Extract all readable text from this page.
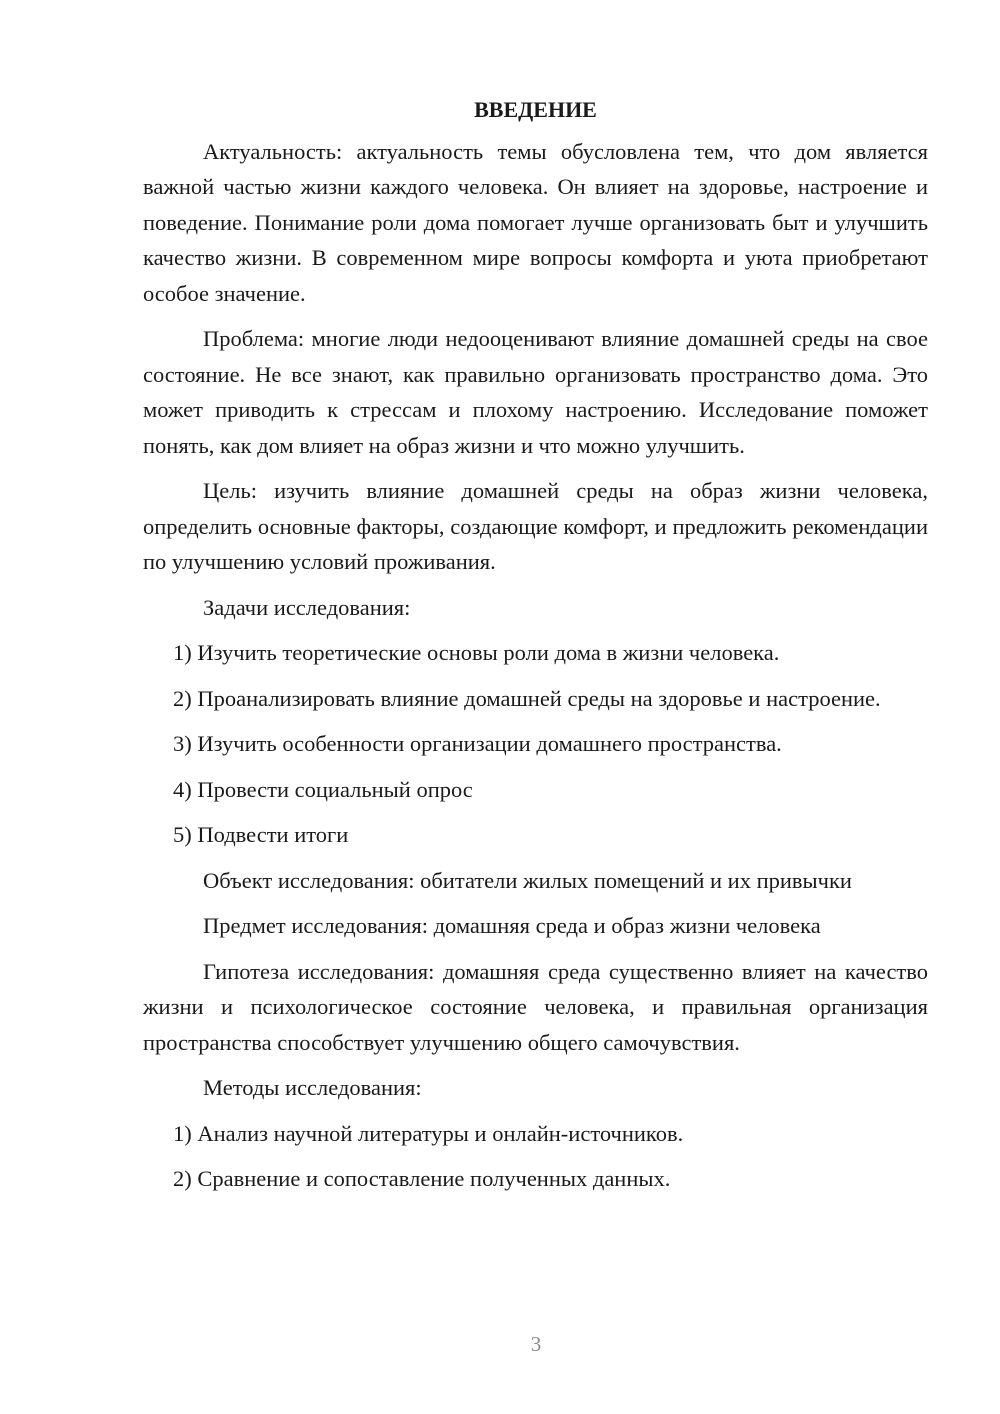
ВВЕДЕНИЕ

Актуальность: актуальность темы обусловлена тем, что дом является важной частью жизни каждого человека. Он влияет на здоровье, настроение и поведение. Понимание роли дома помогает лучше организовать быт и улучшить качество жизни. В современном мире вопросы комфорта и уюта приобретают особое значение.

Проблема: многие люди недооценивают влияние домашней среды на свое состояние. Не все знают, как правильно организовать пространство дома. Это может приводить к стрессам и плохому настроению. Исследование поможет понять, как дом влияет на образ жизни и что можно улучшить.

Цель: изучить влияние домашней среды на образ жизни человека, определить основные факторы, создающие комфорт, и предложить рекомендации по улучшению условий проживания.

Задачи исследования:

1) Изучить теоретические основы роли дома в жизни человека.

2) Проанализировать влияние домашней среды на здоровье и настроение.

3) Изучить особенности организации домашнего пространства.

4) Провести социальный опрос

5) Подвести итоги

Объект исследования: обитатели жилых помещений и их привычки

Предмет исследования: домашняя среда и образ жизни человека

Гипотеза исследования: домашняя среда существенно влияет на качество жизни и психологическое состояние человека, и правильная организация пространства способствует улучшению общего самочувствия.

Методы исследования:

1) Анализ научной литературы и онлайн-источников.

2) Сравнение и сопоставление полученных данных.

3
